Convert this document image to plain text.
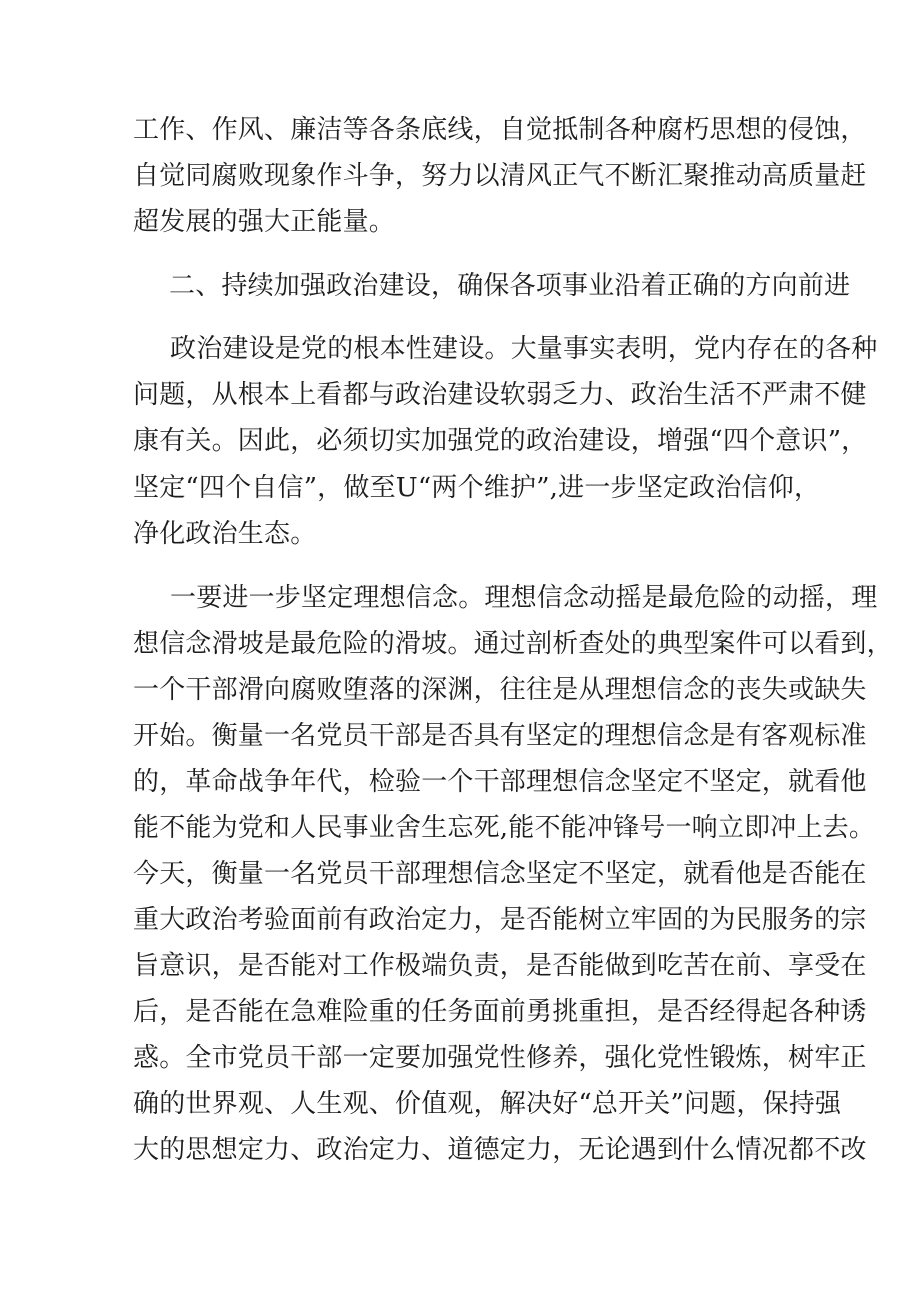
工作、作风、廉洁等各条底线，自觉抵制各种腐朽思想的侵蚀，
自觉同腐败现象作斗争，努力以清风正气不断汇聚推动高质量赶
超发展的强大正能量。
二、持续加强政治建设，确保各项事业沿着正确的方向前进
政治建设是党的根本性建设。大量事实表明，党内存在的各种
问题，从根本上看都与政治建设软弱乏力、政治生活不严肃不健
康有关。因此，必须切实加强党的政治建设，增强“四个意识”，
坚定“四个自信”，做至U“两个维护”,进一步坚定政治信仰，
净化政治生态。
一要进一步坚定理想信念。理想信念动摇是最危险的动摇，理
想信念滑坡是最危险的滑坡。通过剖析查处的典型案件可以看到，
一个干部滑向腐败堕落的深渊，往往是从理想信念的丧失或缺失
开始。衡量一名党员干部是否具有坚定的理想信念是有客观标准
的，革命战争年代，检验一个干部理想信念坚定不坚定，就看他
能不能为党和人民事业舍生忘死,能不能冲锋号一响立即冲上去。
今天，衡量一名党员干部理想信念坚定不坚定，就看他是否能在
重大政治考验面前有政治定力，是否能树立牢固的为民服务的宗
旨意识，是否能对工作极端负责，是否能做到吃苦在前、享受在
后，是否能在急难险重的任务面前勇挑重担，是否经得起各种诱
惑。全市党员干部一定要加强党性修养，强化党性锻炼，树牢正
确的世界观、人生观、价值观，解决好“总开关”问题，保持强
大的思想定力、政治定力、道德定力，无论遇到什么情况都不改
